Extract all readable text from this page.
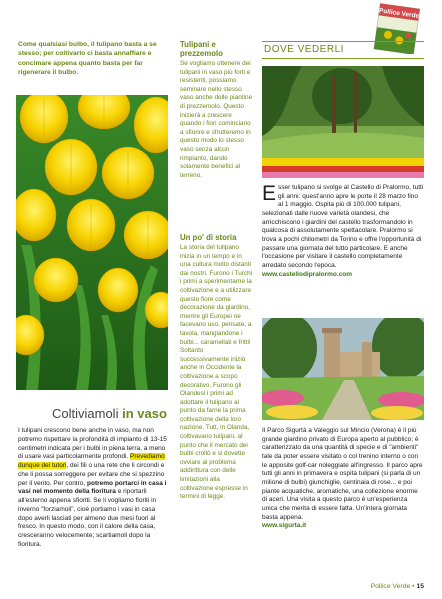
Pollice Verde
Come qualsiasi bulbo, il tulipano basta a se stesso; per coltivarlo ci basta annaffiare e concimare appena quanto basta per far rigenerare il bulbo.
Tulipani e prezzemolo
Se vogliamo ottenere dei tulipani in vaso più forti e resistenti, possiamo seminare nello stesso vaso anche delle piantine di prezzemolo. Questo inizierà a crescere quando i fiori cominciano a sfiorire e sfrutteremo in questo modo lo stesso vaso senza alcun rimpianto, dando solamente benefici al terreno.
Un po' di storia
La storia del tulipano inizia in un tempo e in una cultura molto distanti dai nostri. Furono i Turchi i primi a sperimentarne la coltivazione e a utilizzare questo fiore come decorazione da giardino, mentre gli Europei ne facevano uso, pensate, a tavola, mangiandone i bulbi... caramellati e fritti! Soltanto successivamente iniziò anche in Occidente la coltivazione a scopo decorativo. Furono gli Olandesi i primi ad adottare il tulipano al punto da farne la prima coltivazione della loro nazione. Tutt, in Olanda, coltivavano tulipani, al punto che il mercato dei bulbi crollò e si dovette ovviare al problema addirittura con delle limitazioni alla coltivazione espresse in termini di legge.
Coltiviamoli in vaso

I tulipani crescono bene anche in vaso, ma non potremo rispettare la profondità di impianto di 13-15 centimetri indicata per i bulbi in piena terra, a meno di usare vasi particolarmente profondi. Prevediamo dunque dei tutori, dei fili o una rete che li circondi e che li possa sorreggere per evitare che si spezzino per il vento. Per contro, potremo portarci in casa i vasi nel momento della fioritura e riportarli all'esterno appena sfioriti. Se li vogliamo fioriti in inverno "forziamoli", cioè portiamo i vasi in casa dopo averli lasciati per almeno due mesi fuori al fresco. In questo modo, con il calore della casa, cresceranno velocemente; scartiamoli dopo la fioritura.

DOVE VEDERLI

Esser tulipano si svolge al Castello di Pralormo, tutti gli anni: quest'anno apre le porte il 28 marzo fino al 1 maggio. Ospita più di 100.000 tulipani, selezionati dalle nuove varietà olandesi, che arricchiscono i giardini del castello trasformandolo in qualcosa di assolutamente spettacolare. Pralormo si trova a pochi chilometri da Torino e offre l'opportunità di passare una giornata del tutto particolare. E anche l'occasione per visitare il castello completamente arredato secondo l'epoca.
www.castellodipralormo.com

Il Parco Sigurtà a Valeggio sul Mincio (Verona) è il più grande giardino privato di Europa aperto al pubblico; è caratterizzato da una quantità di specie e di "ambienti" tale da poter essere visitato o col trenino interno o con le apposite golf-car noleggiate all'ingresso. Il parco apre tutti gli anni in primavera e ospita tulipani (si parla di un milione di bulbi) giunchiglie, centinaia di rose... e poi piante acquatiche, aromatiche, una collezione enorme di aceri. Una visita a questo parco è un'esperienza unica che merita di essere fatta. Un'intera giornata basta appena.
www.sigurta.it

Pollice Verde • 15
